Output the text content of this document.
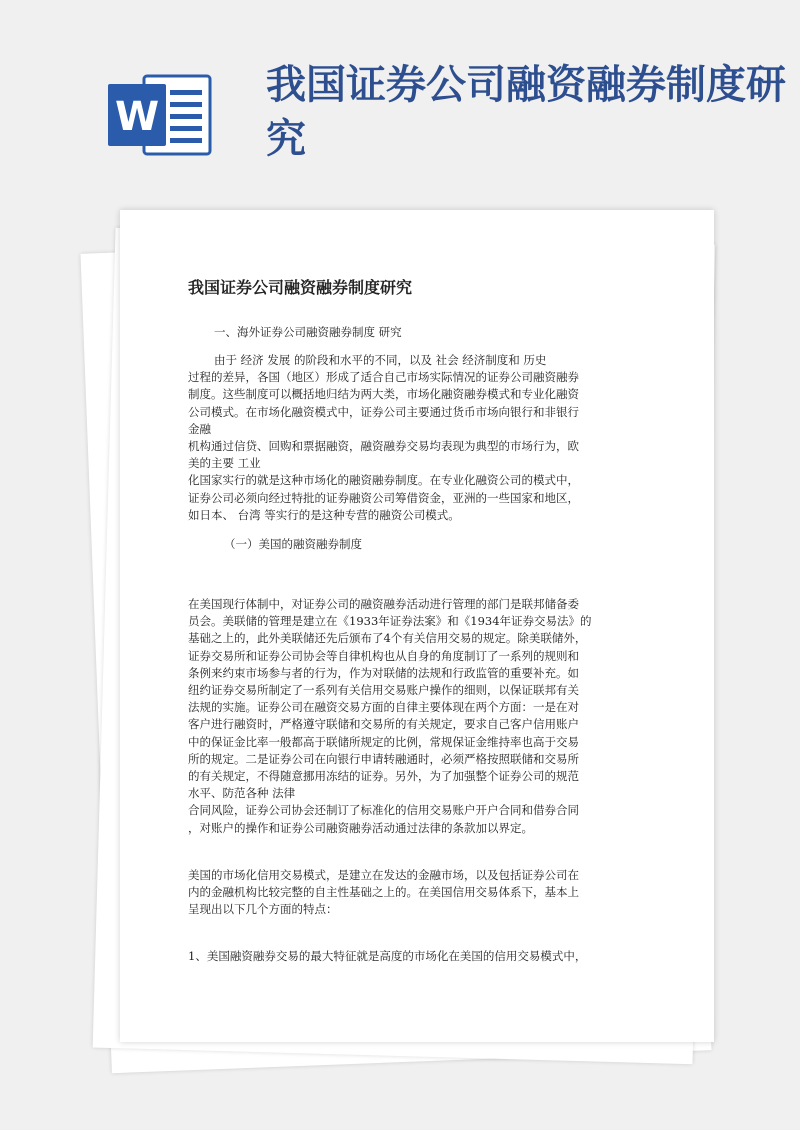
W
我国证券公司融资融券制度研究
我国证券公司融资融券制度研究
一、海外证券公司融资融券制度 研究

由于 经济 发展 的阶段和水平的不同，以及 社会 经济制度和 历史

过程的差异，各国（地区）形成了适合自己市场实际情况的证券公司融资融券

制度。这些制度可以概括地归结为两大类，市场化融资融券模式和专业化融资

公司模式。在市场化融资模式中，证券公司主要通过货币市场向银行和非银行

金融

机构通过信贷、回购和票据融资，融资融券交易均表现为典型的市场行为，欧

美的主要 工业

化国家实行的就是这种市场化的融资融券制度。在专业化融资公司的模式中，

证券公司必须向经过特批的证券融资公司筹借资金，亚洲的一些国家和地区，

如日本、 台湾 等实行的是这种专营的融资公司模式。

（一）美国的融资融券制度

在美国现行体制中，对证券公司的融资融券活动进行管理的部门是联邦储备委

员会。美联储的管理是建立在《1933年证券法案》和《1934年证券交易法》的

基础之上的，此外美联储还先后颁布了4个有关信用交易的规定。除美联储外，

证券交易所和证券公司协会等自律机构也从自身的角度制订了一系列的规则和

条例来约束市场参与者的行为，作为对联储的法规和行政监管的重要补充。如

纽约证券交易所制定了一系列有关信用交易账户操作的细则，以保证联邦有关

法规的实施。证券公司在融资交易方面的自律主要体现在两个方面：一是在对

客户进行融资时，严格遵守联储和交易所的有关规定，要求自己客户信用账户

中的保证金比率一般都高于联储所规定的比例，常规保证金维持率也高于交易

所的规定。二是证券公司在向银行申请转融通时，必须严格按照联储和交易所

的有关规定，不得随意挪用冻结的证券。另外，为了加强整个证券公司的规范

水平、防范各种 法律

合同风险，证券公司协会还制订了标准化的信用交易账户开户合同和借券合同

，对账户的操作和证券公司融资融券活动通过法律的条款加以界定。

美国的市场化信用交易模式，是建立在发达的金融市场，以及包括证券公司在

内的金融机构比较完整的自主性基础之上的。在美国信用交易体系下，基本上

呈现出以下几个方面的特点：

1、美国融资融券交易的最大特征就是高度的市场化在美国的信用交易模式中，
